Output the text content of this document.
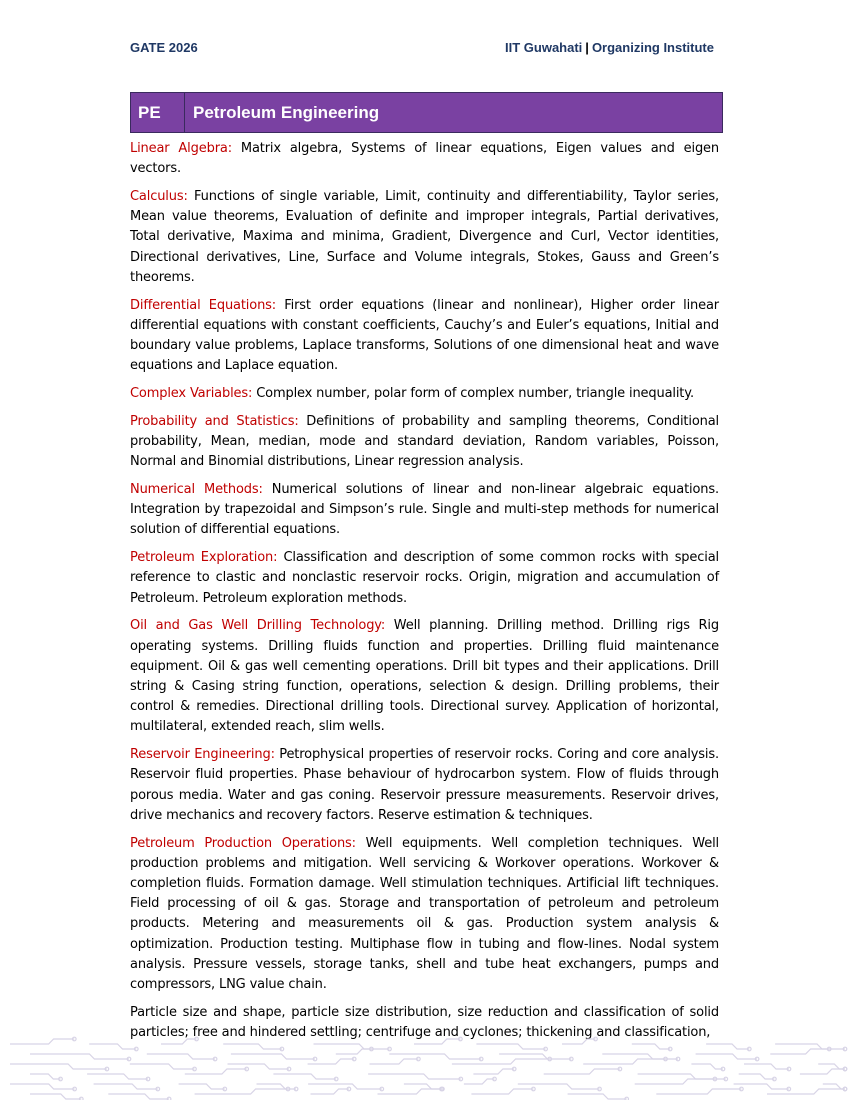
GATE 2026	IIT Guwahati | Organizing Institute
PE	Petroleum Engineering

Linear Algebra: Matrix algebra, Systems of linear equations, Eigen values and eigen vectors.

Calculus: Functions of single variable, Limit, continuity and differentiability, Taylor series, Mean value theorems, Evaluation of definite and improper integrals, Partial derivatives, Total derivative, Maxima and minima, Gradient, Divergence and Curl, Vector identities, Directional derivatives, Line, Surface and Volume integrals, Stokes, Gauss and Green’s theorems.

Differential Equations: First order equations (linear and nonlinear), Higher order linear differential equations with constant coefficients, Cauchy’s and Euler’s equations, Initial and boundary value problems, Laplace transforms, Solutions of one dimensional heat and wave equations and Laplace equation.

Complex Variables: Complex number, polar form of complex number, triangle inequality.

Probability and Statistics: Definitions of probability and sampling theorems, Conditional probability, Mean, median, mode and standard deviation, Random variables, Poisson, Normal and Binomial distributions, Linear regression analysis.

Numerical Methods: Numerical solutions of linear and non-linear algebraic equations. Integration by trapezoidal and Simpson’s rule. Single and multi-step methods for numerical solution of differential equations.

Petroleum Exploration: Classification and description of some common rocks with special reference to clastic and nonclastic reservoir rocks. Origin, migration and accumulation of Petroleum. Petroleum exploration methods.

Oil and Gas Well Drilling Technology: Well planning. Drilling method. Drilling rigs Rig operating systems. Drilling fluids function and properties. Drilling fluid maintenance equipment. Oil & gas well cementing operations. Drill bit types and their applications. Drill string & Casing string function, operations, selection & design. Drilling problems, their control & remedies. Directional drilling tools. Directional survey. Application of horizontal, multilateral, extended reach, slim wells.

Reservoir Engineering: Petrophysical properties of reservoir rocks. Coring and core analysis. Reservoir fluid properties. Phase behaviour of hydrocarbon system. Flow of fluids through porous media. Water and gas coning. Reservoir pressure measurements. Reservoir drives, drive mechanics and recovery factors. Reserve estimation & techniques.

Petroleum Production Operations: Well equipments. Well completion techniques. Well production problems and mitigation. Well servicing & Workover operations. Workover & completion fluids. Formation damage. Well stimulation techniques. Artificial lift techniques. Field processing of oil & gas. Storage and transportation of petroleum and petroleum products. Metering and measurements oil & gas. Production system analysis & optimization. Production testing. Multiphase flow in tubing and flow-lines. Nodal system analysis. Pressure vessels, storage tanks, shell and tube heat exchangers, pumps and compressors, LNG value chain.

Particle size and shape, particle size distribution, size reduction and classification of solid particles; free and hindered settling; centrifuge and cyclones; thickening and classification,
